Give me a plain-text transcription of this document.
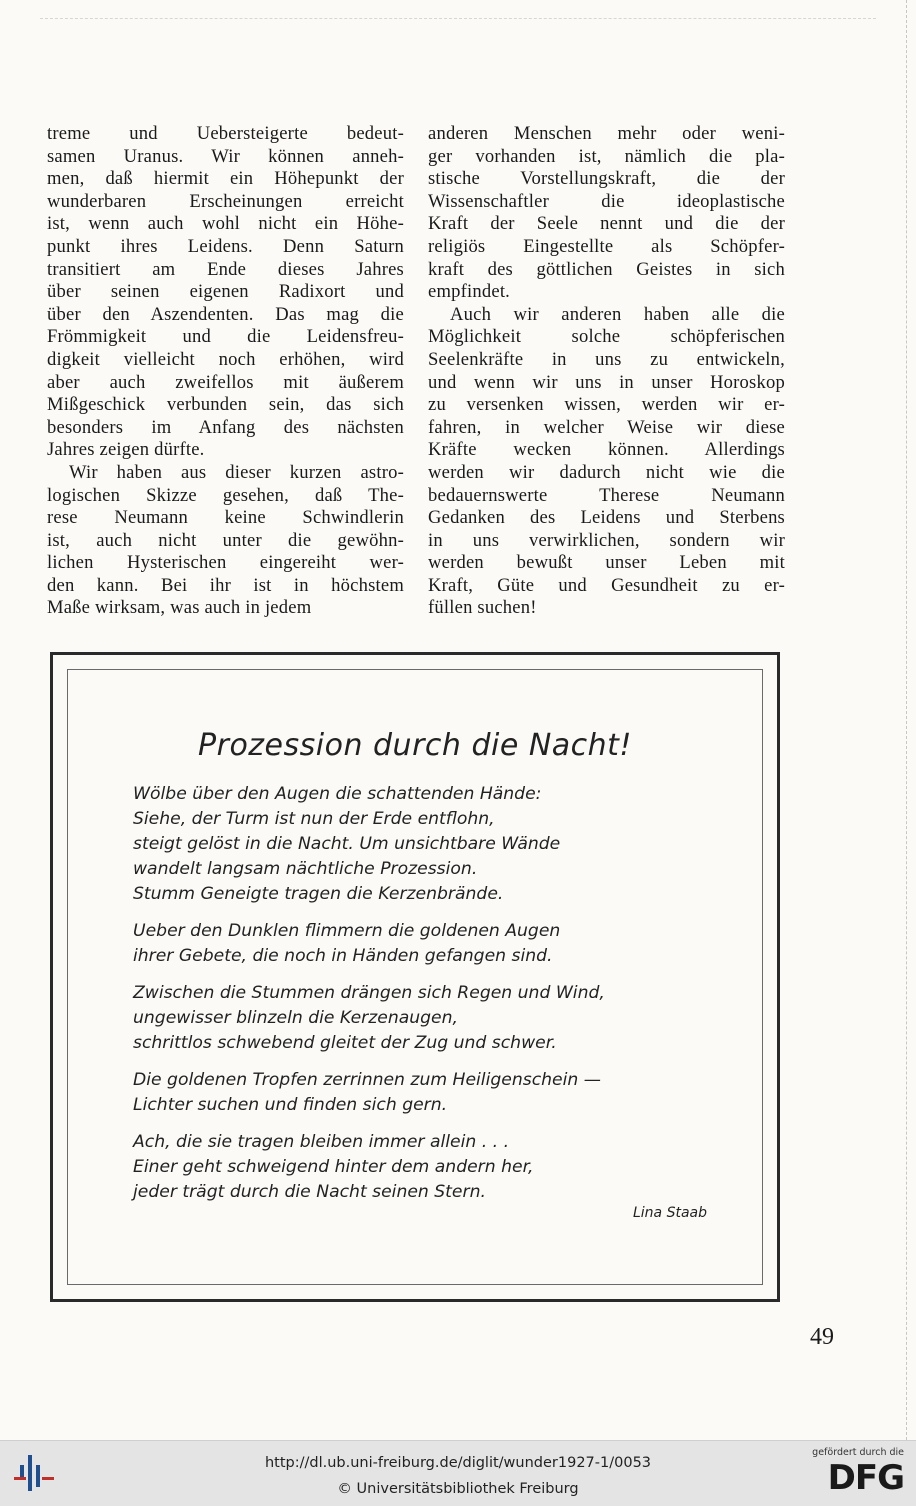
treme und Uebersteigerte bedeut-
samen Uranus. Wir können anneh-
men, daß hiermit ein Höhepunkt der
wunderbaren Erscheinungen erreicht
ist, wenn auch wohl nicht ein Höhe-
punkt ihres Leidens. Denn Saturn
transitiert am Ende dieses Jahres
über seinen eigenen Radixort und
über den Aszendenten. Das mag die
Frömmigkeit und die Leidensfreu-
digkeit vielleicht noch erhöhen, wird
aber auch zweifellos mit äußerem
Mißgeschick verbunden sein, das sich
besonders im Anfang des nächsten
Jahres zeigen dürfte.

Wir haben aus dieser kurzen astro-
logischen Skizze gesehen, daß The-
rese Neumann keine Schwindlerin
ist, auch nicht unter die gewöhn-
lichen Hysterischen eingereiht wer-
den kann. Bei ihr ist in höchstem
Maße wirksam, was auch in jedem

anderen Menschen mehr oder weni-
ger vorhanden ist, nämlich die pla-
stische Vorstellungskraft, die der
Wissenschaftler die ideoplastische
Kraft der Seele nennt und die der
religiös Eingestellte als Schöpfer-
kraft des göttlichen Geistes in sich
empfindet.

Auch wir anderen haben alle die
Möglichkeit solche schöpferischen
Seelenkräfte in uns zu entwickeln,
und wenn wir uns in unser Horoskop
zu versenken wissen, werden wir er-
fahren, in welcher Weise wir diese
Kräfte wecken können. Allerdings
werden wir dadurch nicht wie die
bedauernswerte Therese Neumann
Gedanken des Leidens und Sterbens
in uns verwirklichen, sondern wir
werden bewußt unser Leben mit
Kraft, Güte und Gesundheit zu er-
füllen suchen!

Prozession durch die Nacht!
Wölbe über den Augen die schattenden Hände:
Siehe, der Turm ist nun der Erde entflohn,
steigt gelöst in die Nacht. Um unsichtbare Wände
wandelt langsam nächtliche Prozession.
Stumm Geneigte tragen die Kerzenbrände.
Ueber den Dunklen flimmern die goldenen Augen
ihrer Gebete, die noch in Händen gefangen sind.
Zwischen die Stummen drängen sich Regen und Wind,
ungewisser blinzeln die Kerzenaugen,
schrittlos schwebend gleitet der Zug und schwer.
Die goldenen Tropfen zerrinnen zum Heiligenschein —
Lichter suchen und finden sich gern.
Ach, die sie tragen bleiben immer allein . . .
Einer geht schweigend hinter dem andern her,
jeder trägt durch die Nacht seinen Stern.
Lina Staab
49
http://dl.ub.uni-freiburg.de/diglit/wunder1927-1/0053
© Universitätsbibliothek Freiburg
gefördert durch die
DFG
